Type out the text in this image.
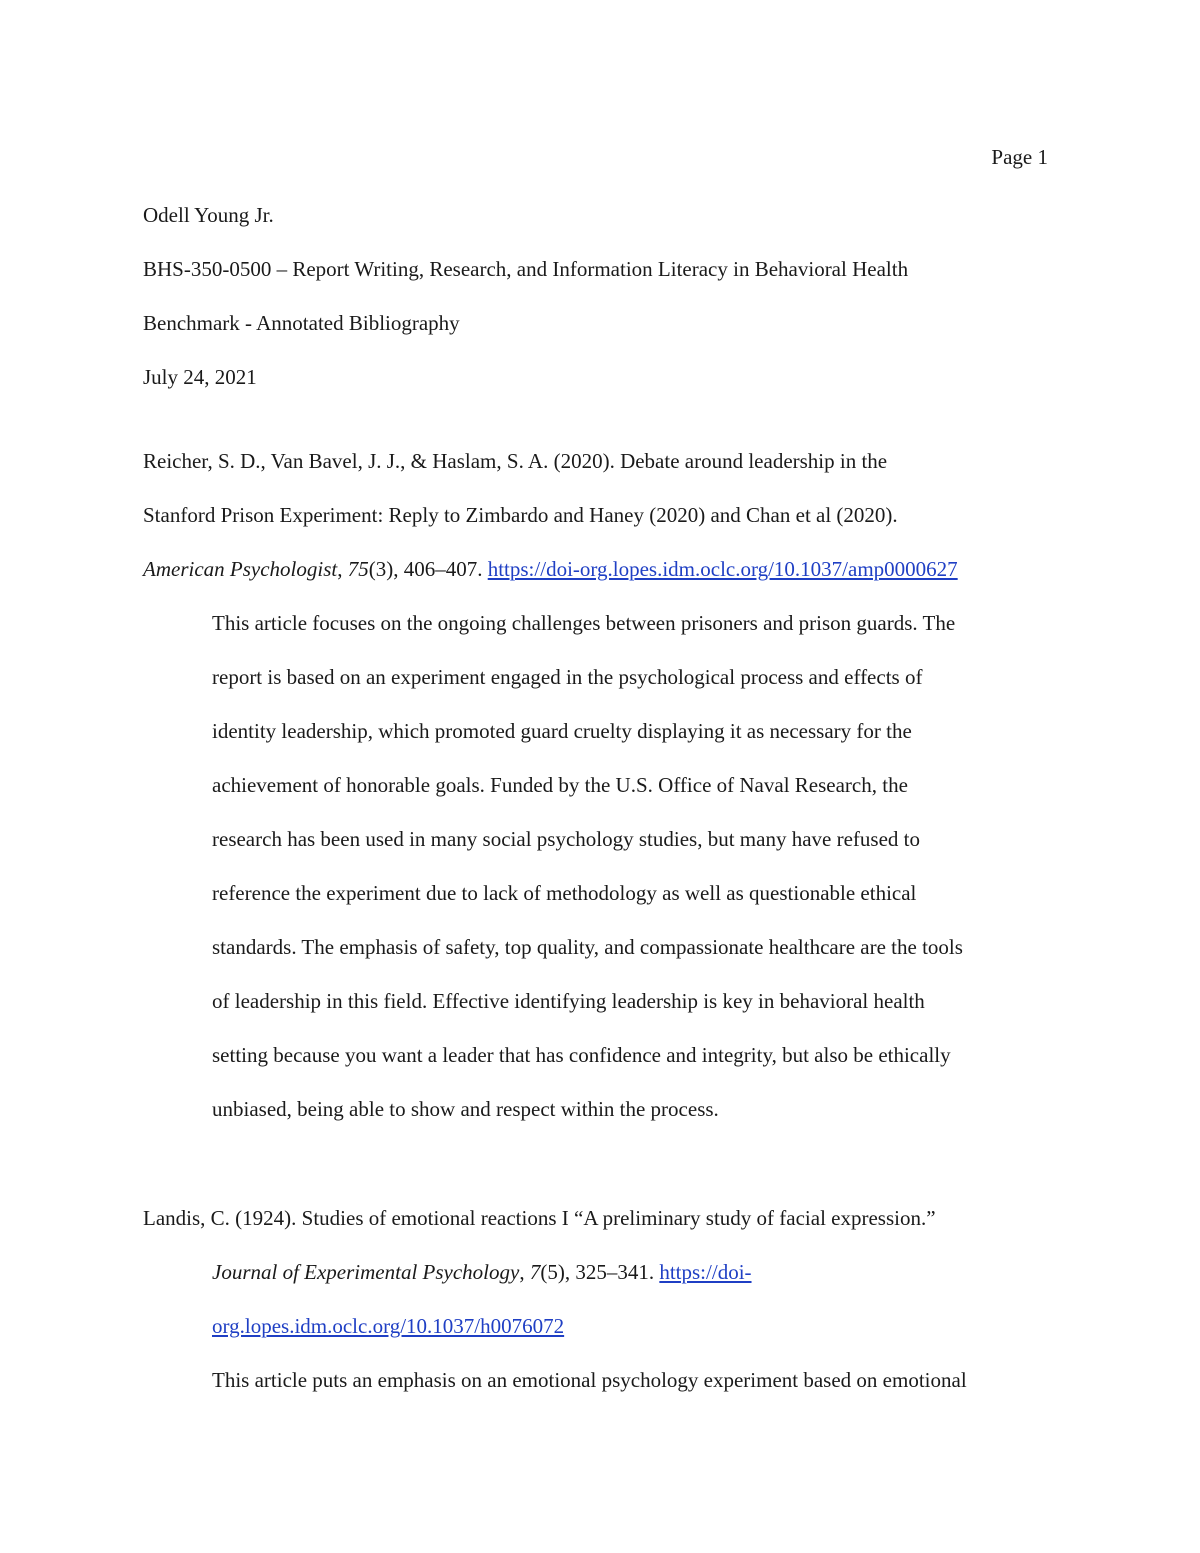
Page 1
Odell Young Jr.
BHS-350-0500 – Report Writing, Research, and Information Literacy in Behavioral Health
Benchmark - Annotated Bibliography
July 24, 2021
Reicher, S. D., Van Bavel, J. J., & Haslam, S. A. (2020). Debate around leadership in the
Stanford Prison Experiment: Reply to Zimbardo and Haney (2020) and Chan et al (2020).
American Psychologist, 75(3), 406–407. https://doi-org.lopes.idm.oclc.org/10.1037/amp0000627
This article focuses on the ongoing challenges between prisoners and prison guards. The
report is based on an experiment engaged in the psychological process and effects of
identity leadership, which promoted guard cruelty displaying it as necessary for the
achievement of honorable goals. Funded by the U.S. Office of Naval Research, the
research has been used in many social psychology studies, but many have refused to
reference the experiment due to lack of methodology as well as questionable ethical
standards. The emphasis of safety, top quality, and compassionate healthcare are the tools
of leadership in this field. Effective identifying leadership is key in behavioral health
setting because you want a leader that has confidence and integrity, but also be ethically
unbiased, being able to show and respect within the process.
Landis, C. (1924). Studies of emotional reactions I “A preliminary study of facial expression.”
Journal of Experimental Psychology, 7(5), 325–341. https://doi-
org.lopes.idm.oclc.org/10.1037/h0076072
This article puts an emphasis on an emotional psychology experiment based on emotional
